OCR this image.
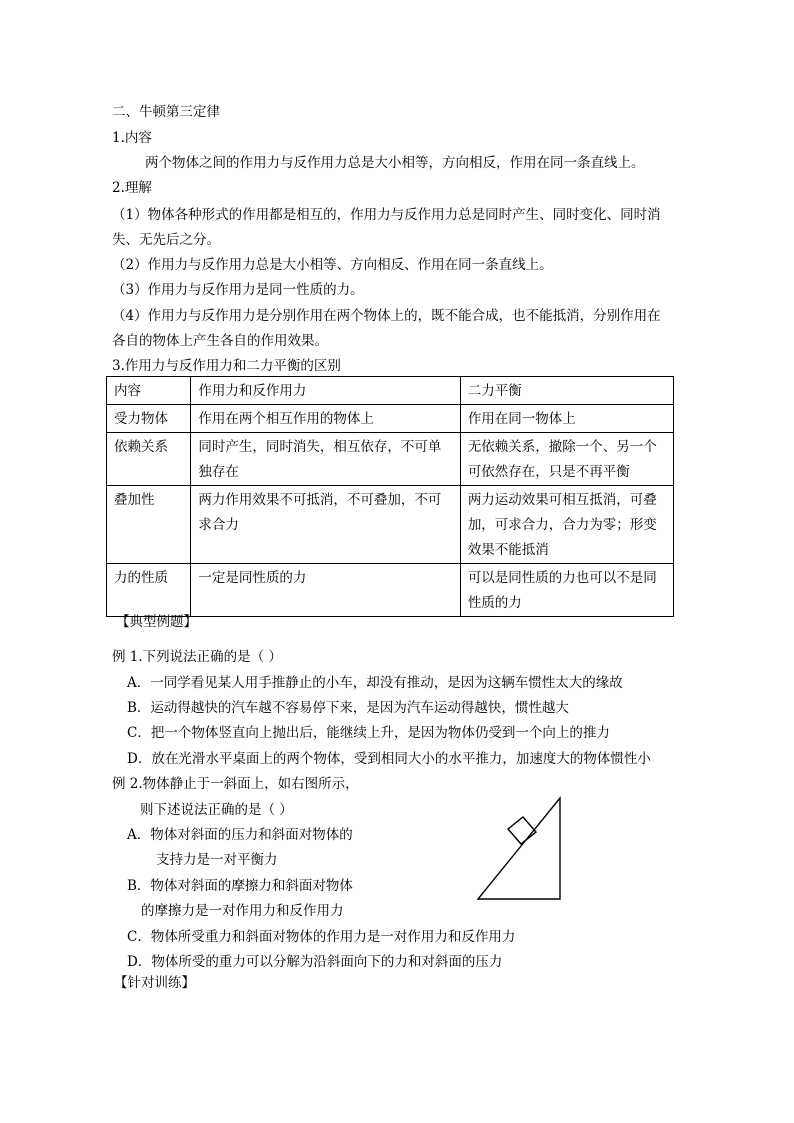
二、牛顿第三定律
1.内容
两个物体之间的作用力与反作用力总是大小相等，方向相反，作用在同一条直线上。
2.理解
（1）物体各种形式的作用都是相互的，作用力与反作用力总是同时产生、同时变化、同时消
失、无先后之分。
（2）作用力与反作用力总是大小相等、方向相反、作用在同一条直线上。
（3）作用力与反作用力是同一性质的力。
（4）作用力与反作用力是分别作用在两个物体上的，既不能合成，也不能抵消，分别作用在
各自的物体上产生各自的作用效果。
3.作用力与反作用力和二力平衡的区别
内容	作用力和反作用力	二力平衡
受力物体	作用在两个相互作用的物体上	作用在同一物体上
依赖关系	同时产生，同时消失，相互依存，不可单独存在	无依赖关系，撤除一个、另一个可依然存在，只是不再平衡
叠加性	两力作用效果不可抵消，不可叠加，不可求合力	两力运动效果可相互抵消，可叠加，可求合力，合力为零；形变效果不能抵消
力的性质	一定是同性质的力	可以是同性质的力也可以不是同性质的力
【典型例题】
例 1.下列说法正确的是（ ）
A．一同学看见某人用手推静止的小车，却没有推动，是因为这辆车惯性太大的缘故
B．运动得越快的汽车越不容易停下来，是因为汽车运动得越快，惯性越大
C．把一个物体竖直向上抛出后，能继续上升，是因为物体仍受到一个向上的推力
D．放在光滑水平桌面上的两个物体，受到相同大小的水平推力，加速度大的物体惯性小
例 2.物体静止于一斜面上，如右图所示，
则下述说法正确的是（ ）
A．物体对斜面的压力和斜面对物体的
支持力是一对平衡力
B．物体对斜面的摩擦力和斜面对物体
的摩擦力是一对作用力和反作用力
C．物体所受重力和斜面对物体的作用力是一对作用力和反作用力
D．物体所受的重力可以分解为沿斜面向下的力和对斜面的压力
【针对训练】
